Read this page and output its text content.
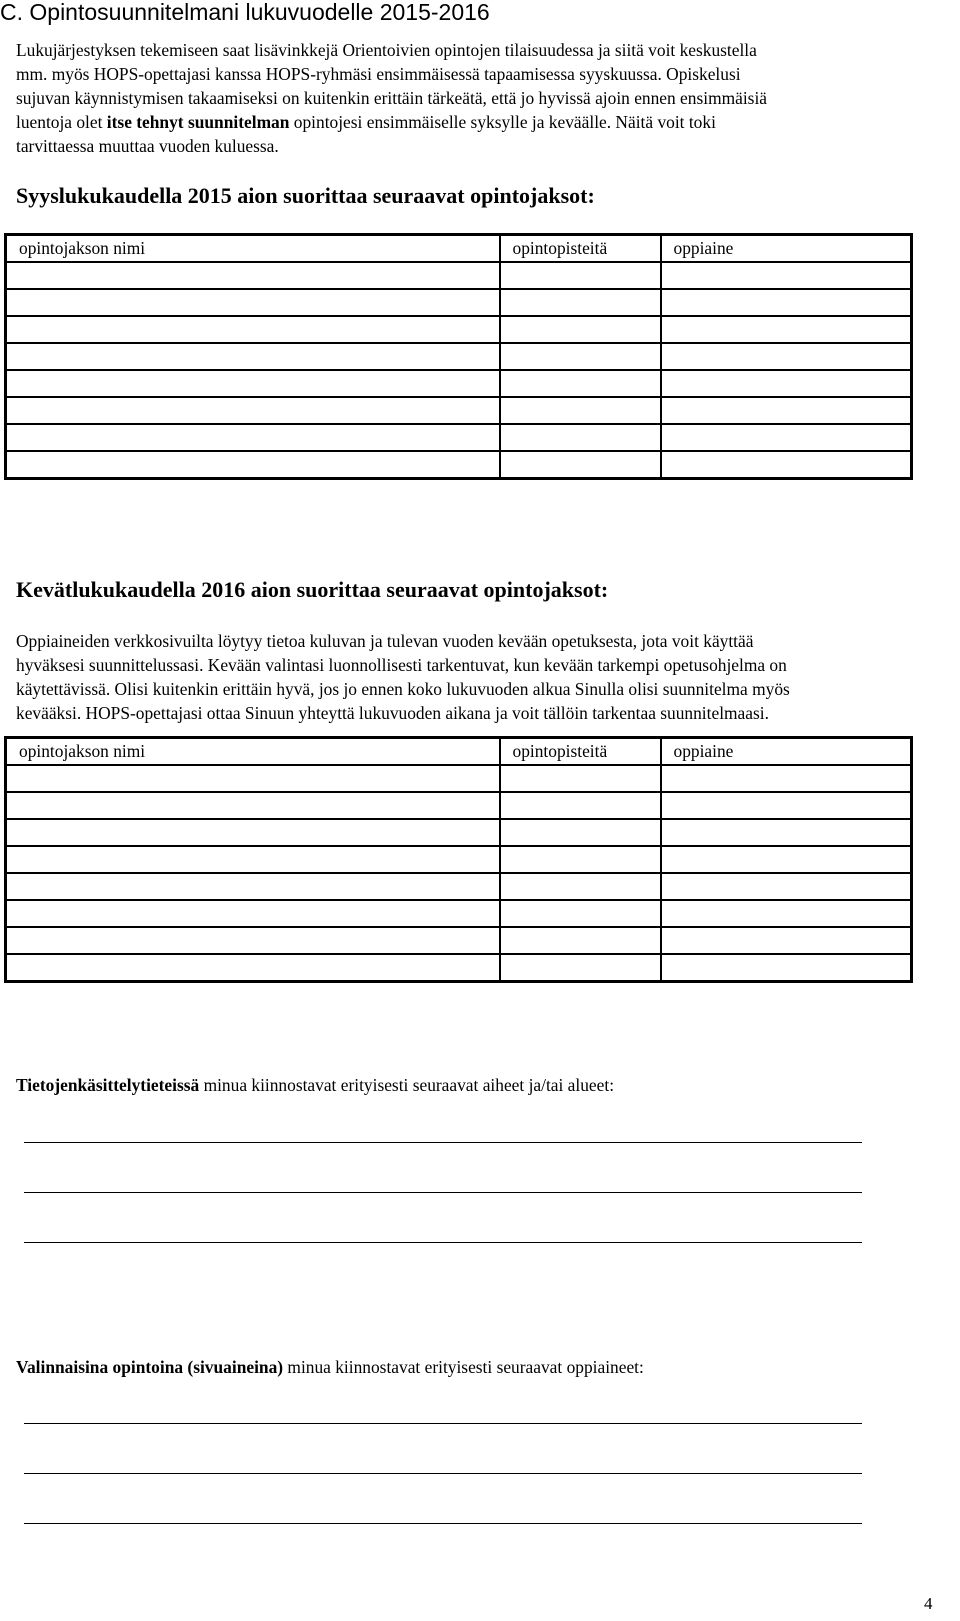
C. Opintosuunnitelmani lukuvuodelle 2015-2016
Lukujärjestyksen tekemiseen saat lisävinkkejä Orientoivien opintojen tilaisuudessa ja siitä voit keskustella
mm. myös HOPS-opettajasi kanssa HOPS-ryhmäsi ensimmäisessä tapaamisessa syyskuussa. Opiskelusi
sujuvan käynnistymisen takaamiseksi on kuitenkin erittäin tärkeätä, että jo hyvissä ajoin ennen ensimmäisiä
luentoja olet itse tehnyt suunnitelman opintojesi ensimmäiselle syksylle ja keväälle. Näitä voit toki
tarvittaessa muuttaa vuoden kuluessa.
Syyslukukaudella 2015 aion suorittaa seuraavat opintojaksot:
opintojakson nimi	opintopisteitä	oppiaine

Kevätlukukaudella 2016 aion suorittaa seuraavat opintojaksot:
Oppiaineiden verkkosivuilta löytyy tietoa kuluvan ja tulevan vuoden kevään opetuksesta, jota voit käyttää
hyväksesi suunnittelussasi. Kevään valintasi luonnollisesti tarkentuvat, kun kevään tarkempi opetusohjelma on
käytettävissä. Olisi kuitenkin erittäin hyvä, jos jo ennen koko lukuvuoden alkua Sinulla olisi suunnitelma myös
kevääksi. HOPS-opettajasi ottaa Sinuun yhteyttä lukuvuoden aikana ja voit tällöin tarkentaa suunnitelmaasi.
opintojakson nimi	opintopisteitä	oppiaine

Tietojenkäsittelytieteissä minua kiinnostavat erityisesti seuraavat aiheet ja/tai alueet:
Valinnaisina opintoina (sivuaineina) minua kiinnostavat erityisesti seuraavat oppiaineet:
4
